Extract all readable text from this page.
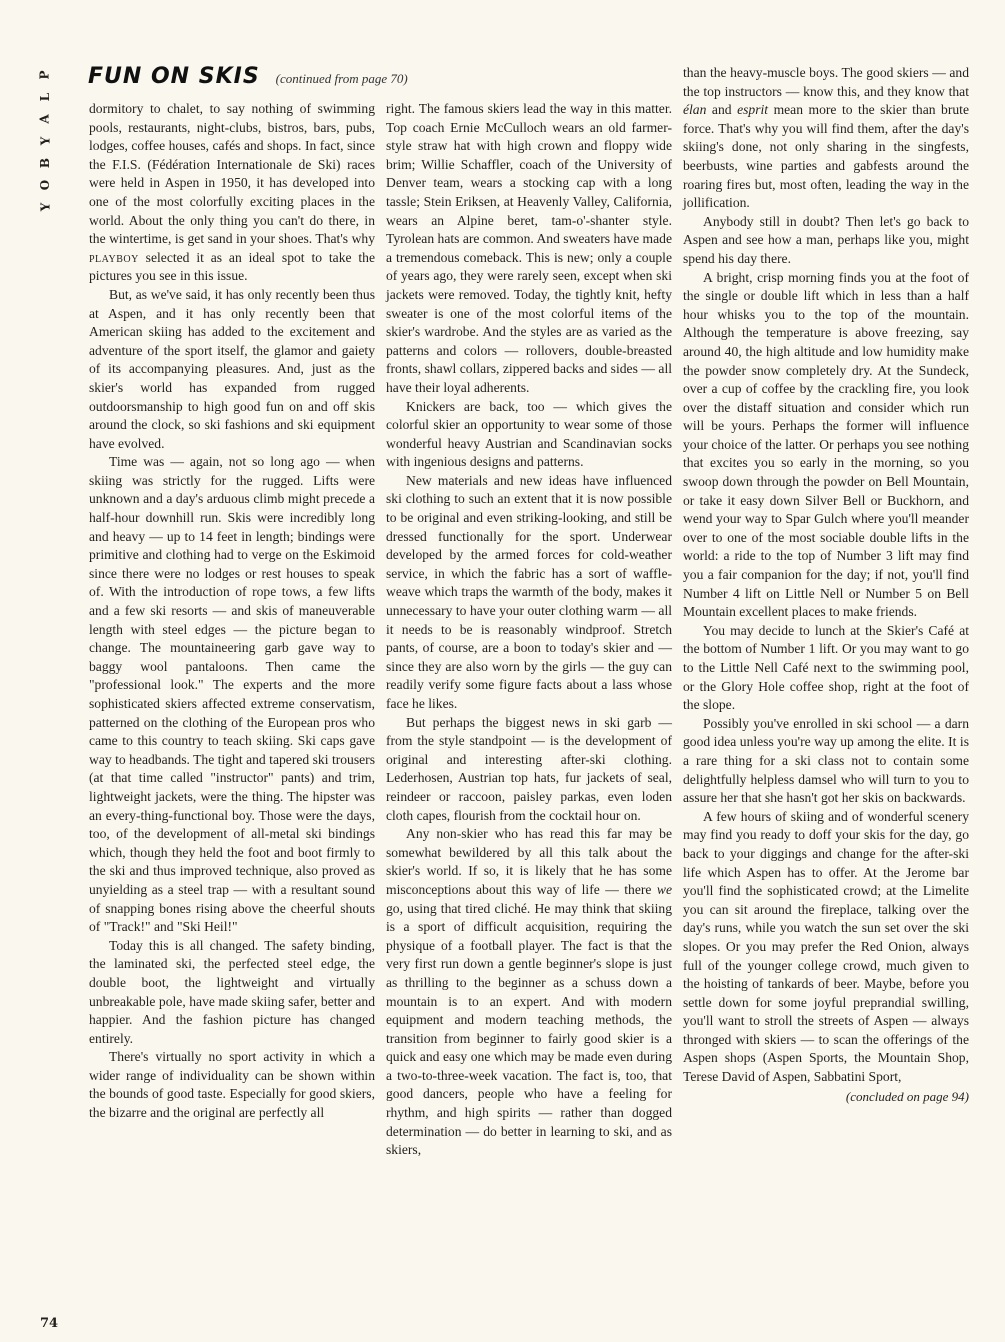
P
L
A
Y
B
O
Y
FUN ON SKIS (continued from page 70)

dormitory to chalet, to say nothing of swimming pools, restaurants, night-clubs, bistros, bars, pubs, lodges, coffee houses, cafés and shops. In fact, since the F.I.S. (Fédération Internationale de Ski) races were held in Aspen in 1950, it has developed into one of the most colorfully exciting places in the world. About the only thing you can't do there, in the wintertime, is get sand in your shoes. That's why playboy selected it as an ideal spot to take the pictures you see in this issue.

But, as we've said, it has only recently been thus at Aspen, and it has only recently been that American skiing has added to the excitement and adventure of the sport itself, the glamor and gaiety of its accompanying pleasures. And, just as the skier's world has expanded from rugged outdoorsmanship to high good fun on and off skis around the clock, so ski fashions and ski equipment have evolved.

Time was — again, not so long ago — when skiing was strictly for the rugged. Lifts were unknown and a day's arduous climb might precede a half-hour downhill run. Skis were incredibly long and heavy — up to 14 feet in length; bindings were primitive and clothing had to verge on the Eskimoid since there were no lodges or rest houses to speak of. With the introduction of rope tows, a few lifts and a few ski resorts — and skis of maneuverable length with steel edges — the picture began to change. The mountaineering garb gave way to baggy wool pantaloons. Then came the "professional look." The experts and the more sophisticated skiers affected extreme conservatism, patterned on the clothing of the European pros who came to this country to teach skiing. Ski caps gave way to headbands. The tight and tapered ski trousers (at that time called "instructor" pants) and trim, lightweight jackets, were the thing. The hipster was an every-thing-functional boy. Those were the days, too, of the development of all-metal ski bindings which, though they held the foot and boot firmly to the ski and thus improved technique, also proved as unyielding as a steel trap — with a resultant sound of snapping bones rising above the cheerful shouts of "Track!" and "Ski Heil!"

Today this is all changed. The safety binding, the laminated ski, the perfected steel edge, the double boot, the lightweight and virtually unbreakable pole, have made skiing safer, better and happier. And the fashion picture has changed entirely.

There's virtually no sport activity in which a wider range of individuality can be shown within the bounds of good taste. Especially for good skiers, the bizarre and the original are perfectly all

right. The famous skiers lead the way in this matter. Top coach Ernie McCulloch wears an old farmer-style straw hat with high crown and floppy wide brim; Willie Schaffler, coach of the University of Denver team, wears a stocking cap with a long tassle; Stein Eriksen, at Heavenly Valley, California, wears an Alpine beret, tam-o'-shanter style. Tyrolean hats are common. And sweaters have made a tremendous comeback. This is new; only a couple of years ago, they were rarely seen, except when ski jackets were removed. Today, the tightly knit, hefty sweater is one of the most colorful items of the skier's wardrobe. And the styles are as varied as the patterns and colors — rollovers, double-breasted fronts, shawl collars, zippered backs and sides — all have their loyal adherents.

Knickers are back, too — which gives the colorful skier an opportunity to wear some of those wonderful heavy Austrian and Scandinavian socks with ingenious designs and patterns.

New materials and new ideas have influenced ski clothing to such an extent that it is now possible to be original and even striking-looking, and still be dressed functionally for the sport. Underwear developed by the armed forces for cold-weather service, in which the fabric has a sort of waffle-weave which traps the warmth of the body, makes it unnecessary to have your outer clothing warm — all it needs to be is reasonably windproof. Stretch pants, of course, are a boon to today's skier and — since they are also worn by the girls — the guy can readily verify some figure facts about a lass whose face he likes.

But perhaps the biggest news in ski garb — from the style standpoint — is the development of original and interesting after-ski clothing. Lederhosen, Austrian top hats, fur jackets of seal, reindeer or raccoon, paisley parkas, even loden cloth capes, flourish from the cocktail hour on.

Any non-skier who has read this far may be somewhat bewildered by all this talk about the skier's world. If so, it is likely that he has some misconceptions about this way of life — there we go, using that tired cliché. He may think that skiing is a sport of difficult acquisition, requiring the physique of a football player. The fact is that the very first run down a gentle beginner's slope is just as thrilling to the beginner as a schuss down a mountain is to an expert. And with modern equipment and modern teaching methods, the transition from beginner to fairly good skier is a quick and easy one which may be made even during a two-to-three-week vacation. The fact is, too, that good dancers, people who have a feeling for rhythm, and high spirits — rather than dogged determination — do better in learning to ski, and as skiers,

than the heavy-muscle boys. The good skiers — and the top instructors — know this, and they know that élan and esprit mean more to the skier than brute force. That's why you will find them, after the day's skiing's done, not only sharing in the singfests, beerbusts, wine parties and gabfests around the roaring fires but, most often, leading the way in the jollification.

Anybody still in doubt? Then let's go back to Aspen and see how a man, perhaps like you, might spend his day there.

A bright, crisp morning finds you at the foot of the single or double lift which in less than a half hour whisks you to the top of the mountain. Although the temperature is above freezing, say around 40, the high altitude and low humidity make the powder snow completely dry. At the Sundeck, over a cup of coffee by the crackling fire, you look over the distaff situation and consider which run will be yours. Perhaps the former will influence your choice of the latter. Or perhaps you see nothing that excites you so early in the morning, so you swoop down through the powder on Bell Mountain, or take it easy down Silver Bell or Buckhorn, and wend your way to Spar Gulch where you'll meander over to one of the most sociable double lifts in the world: a ride to the top of Number 3 lift may find you a fair companion for the day; if not, you'll find Number 4 lift on Little Nell or Number 5 on Bell Mountain excellent places to make friends.

You may decide to lunch at the Skier's Café at the bottom of Number 1 lift. Or you may want to go to the Little Nell Café next to the swimming pool, or the Glory Hole coffee shop, right at the foot of the slope.

Possibly you've enrolled in ski school — a darn good idea unless you're way up among the elite. It is a rare thing for a ski class not to contain some delightfully helpless damsel who will turn to you to assure her that she hasn't got her skis on backwards.

A few hours of skiing and of wonderful scenery may find you ready to doff your skis for the day, go back to your diggings and change for the after-ski life which Aspen has to offer. At the Jerome bar you'll find the sophisticated crowd; at the Limelite you can sit around the fireplace, talking over the day's runs, while you watch the sun set over the ski slopes. Or you may prefer the Red Onion, always full of the younger college crowd, much given to the hoisting of tankards of beer. Maybe, before you settle down for some joyful preprandial swilling, you'll want to stroll the streets of Aspen — always thronged with skiers — to scan the offerings of the Aspen shops (Aspen Sports, the Mountain Shop, Terese David of Aspen, Sabbatini Sport,

(concluded on page 94)
74
